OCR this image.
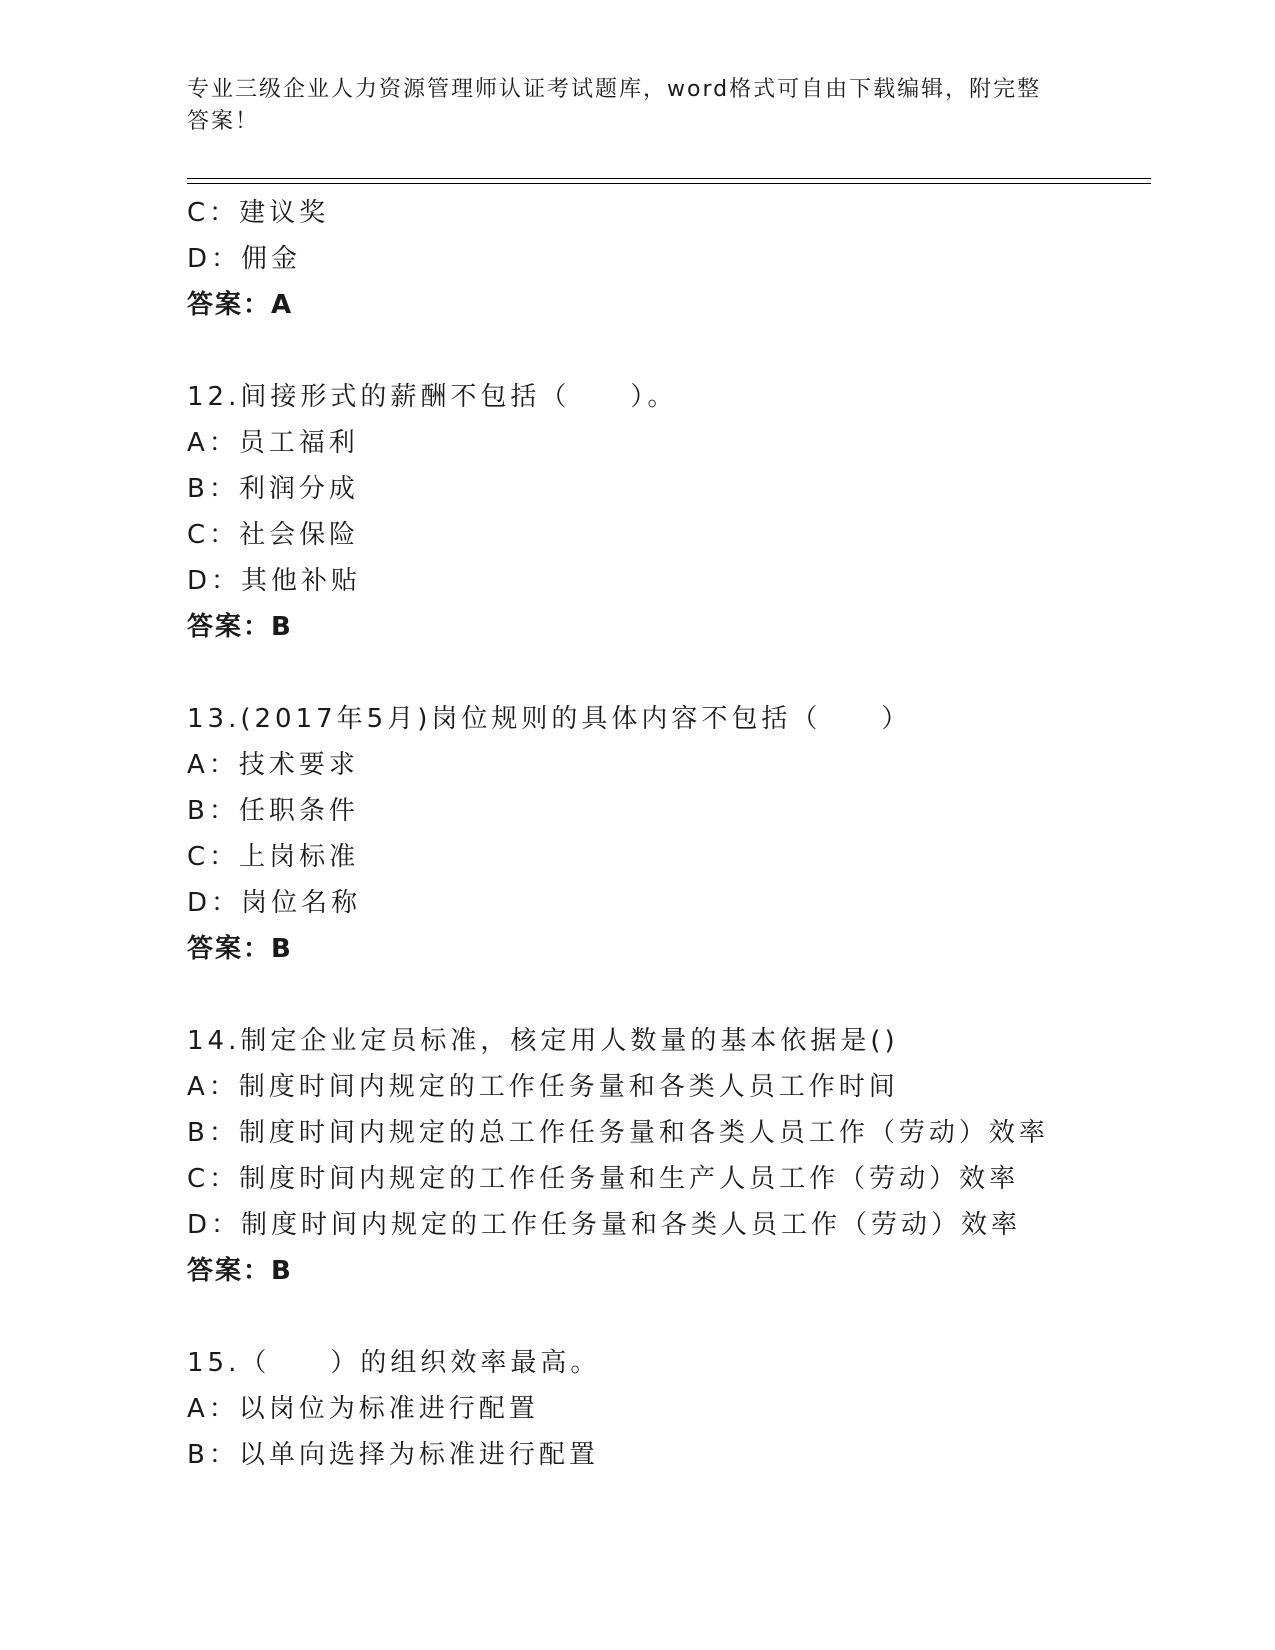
专业三级企业人力资源管理师认证考试题库，word格式可自由下载编辑，附完整
答案！
C：建议奖
D：佣金
答案：A
12.间接形式的薪酬不包括（　　）。
A：员工福利
B：利润分成
C：社会保险
D：其他补贴
答案：B
13.(2017年5月)岗位规则的具体内容不包括（　　）
A：技术要求
B：任职条件
C：上岗标准
D：岗位名称
答案：B
14.制定企业定员标准，核定用人数量的基本依据是()
A：制度时间内规定的工作任务量和各类人员工作时间
B：制度时间内规定的总工作任务量和各类人员工作（劳动）效率
C：制度时间内规定的工作任务量和生产人员工作（劳动）效率
D：制度时间内规定的工作任务量和各类人员工作（劳动）效率
答案：B
15.（　　）的组织效率最高。
A：以岗位为标准进行配置
B：以单向选择为标准进行配置
